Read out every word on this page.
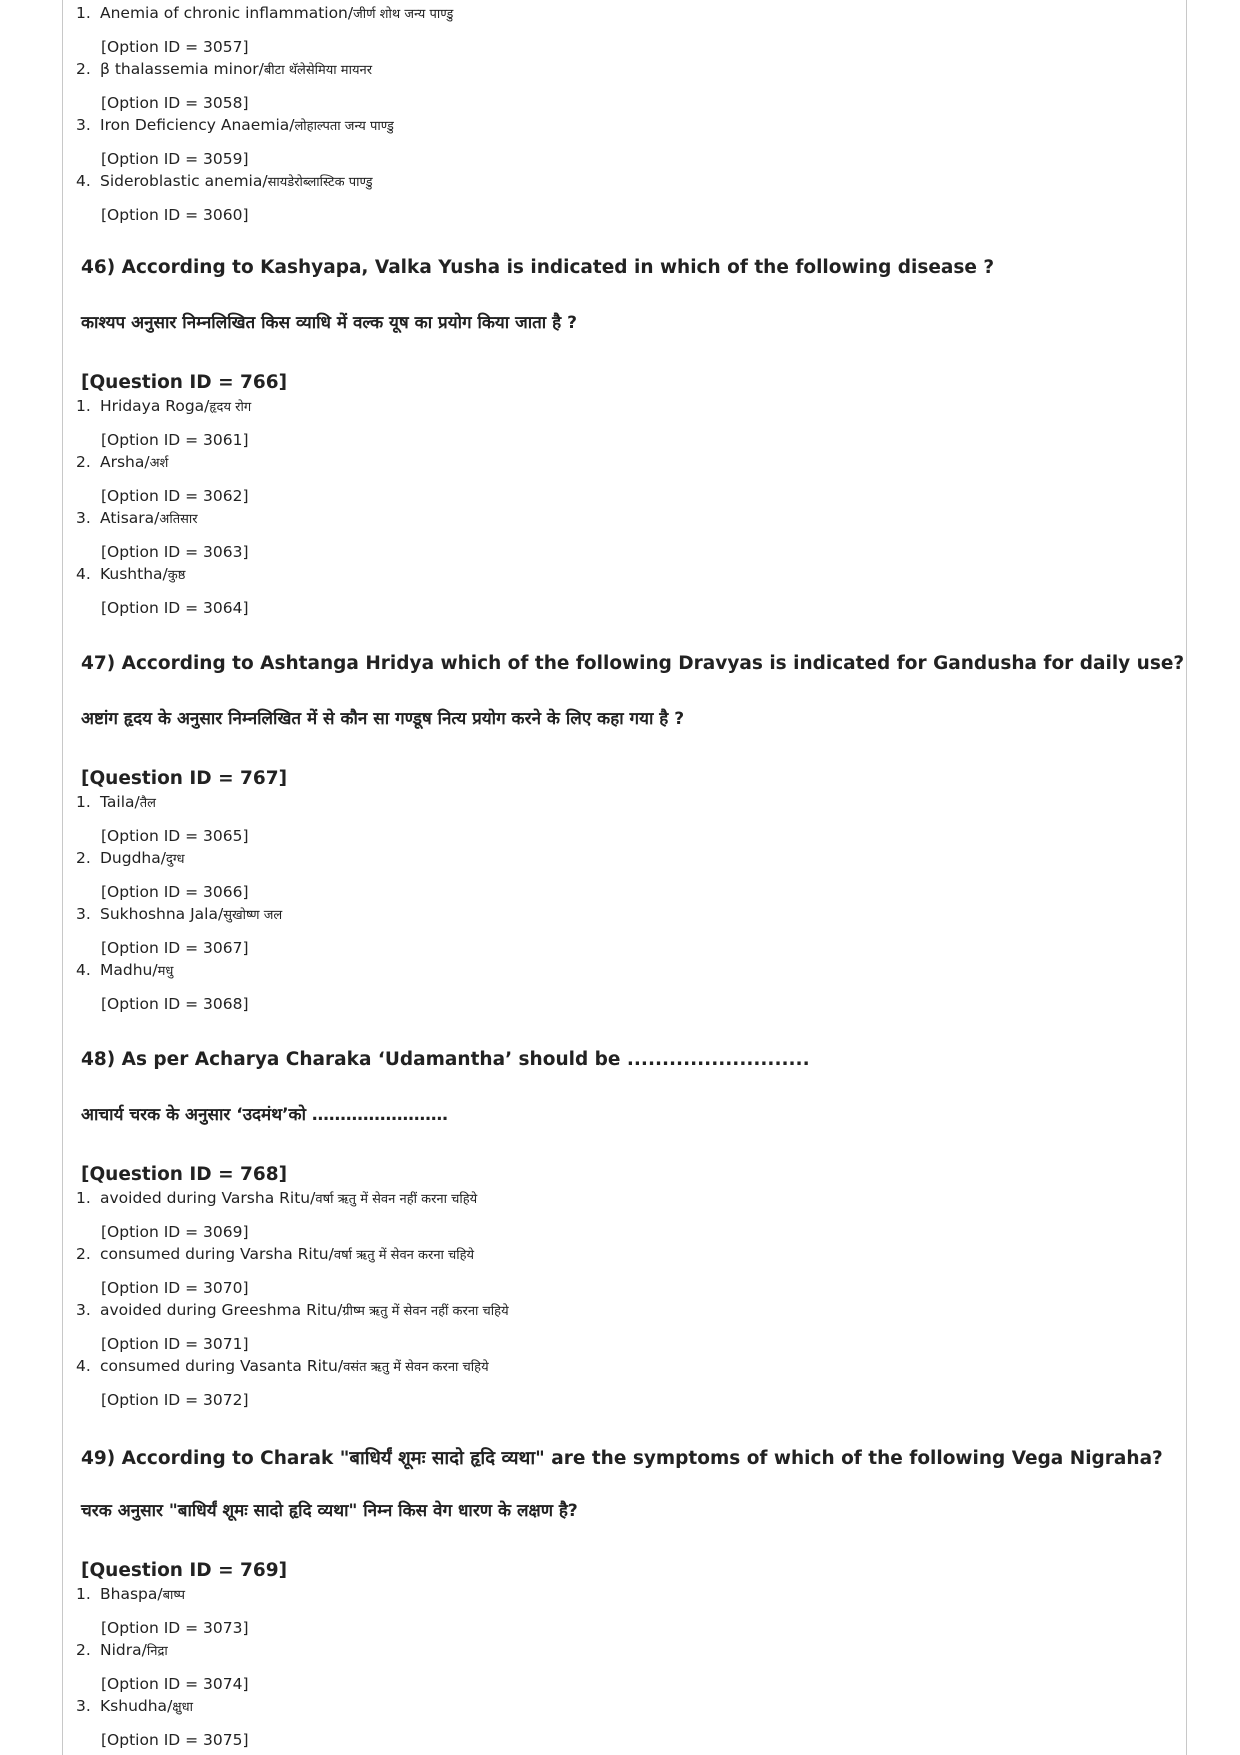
1. Anemia of chronic inflammation/जीर्ण शोथ जन्य पाण्डु
[Option ID = 3057]
2. β thalassemia minor/बीटा थॅलेसेमिया मायनर
[Option ID = 3058]
3. Iron Deficiency Anaemia/लोहाल्पता जन्य पाण्डु
[Option ID = 3059]
4. Sideroblastic anemia/सायडेरोब्लास्टिक पाण्डु
[Option ID = 3060]
46) According to Kashyapa, Valka Yusha is indicated in which of the following disease ?
काश्यप अनुसार निम्नलिखित किस व्याधि में वल्क यूष का प्रयोग किया जाता है ?
[Question ID = 766]
1. Hridaya Roga/हृदय रोग
[Option ID = 3061]
2. Arsha/अर्श
[Option ID = 3062]
3. Atisara/अतिसार
[Option ID = 3063]
4. Kushtha/कुष्ठ
[Option ID = 3064]
47) According to Ashtanga Hridya which of the following Dravyas is indicated for Gandusha for daily use?
अष्टांग हृदय के अनुसार निम्नलिखित में से कौन सा गण्डूष नित्य प्रयोग करने के लिए कहा गया है ?
[Question ID = 767]
1. Taila/तैल
[Option ID = 3065]
2. Dugdha/दुग्ध
[Option ID = 3066]
3. Sukhoshna Jala/सुखोष्ण जल
[Option ID = 3067]
4. Madhu/मधु
[Option ID = 3068]
48) As per Acharya Charaka ‘Udamantha’ should be ..........................
आचार्य चरक के अनुसार ‘उदमंथ’को ……………………
[Question ID = 768]
1. avoided during Varsha Ritu/वर्षा ऋतु में सेवन नहीं करना चहिये
[Option ID = 3069]
2. consumed during Varsha Ritu/वर्षा ऋतु में सेवन करना चहिये
[Option ID = 3070]
3. avoided during Greeshma Ritu/ग्रीष्म ऋतु में सेवन नहीं करना चहिये
[Option ID = 3071]
4. consumed during Vasanta Ritu/वसंत ऋतु में सेवन करना चहिये
[Option ID = 3072]
49) According to Charak "बाधिर्यं शूमः सादो हृदि व्यथा" are the symptoms of which of the following Vega Nigraha?
चरक अनुसार "बाधिर्यं शूमः सादो हृदि व्यथा" निम्न किस वेग धारण के लक्षण है?
[Question ID = 769]
1. Bhaspa/बाष्प
[Option ID = 3073]
2. Nidra/निद्रा
[Option ID = 3074]
3. Kshudha/क्षुधा
[Option ID = 3075]
